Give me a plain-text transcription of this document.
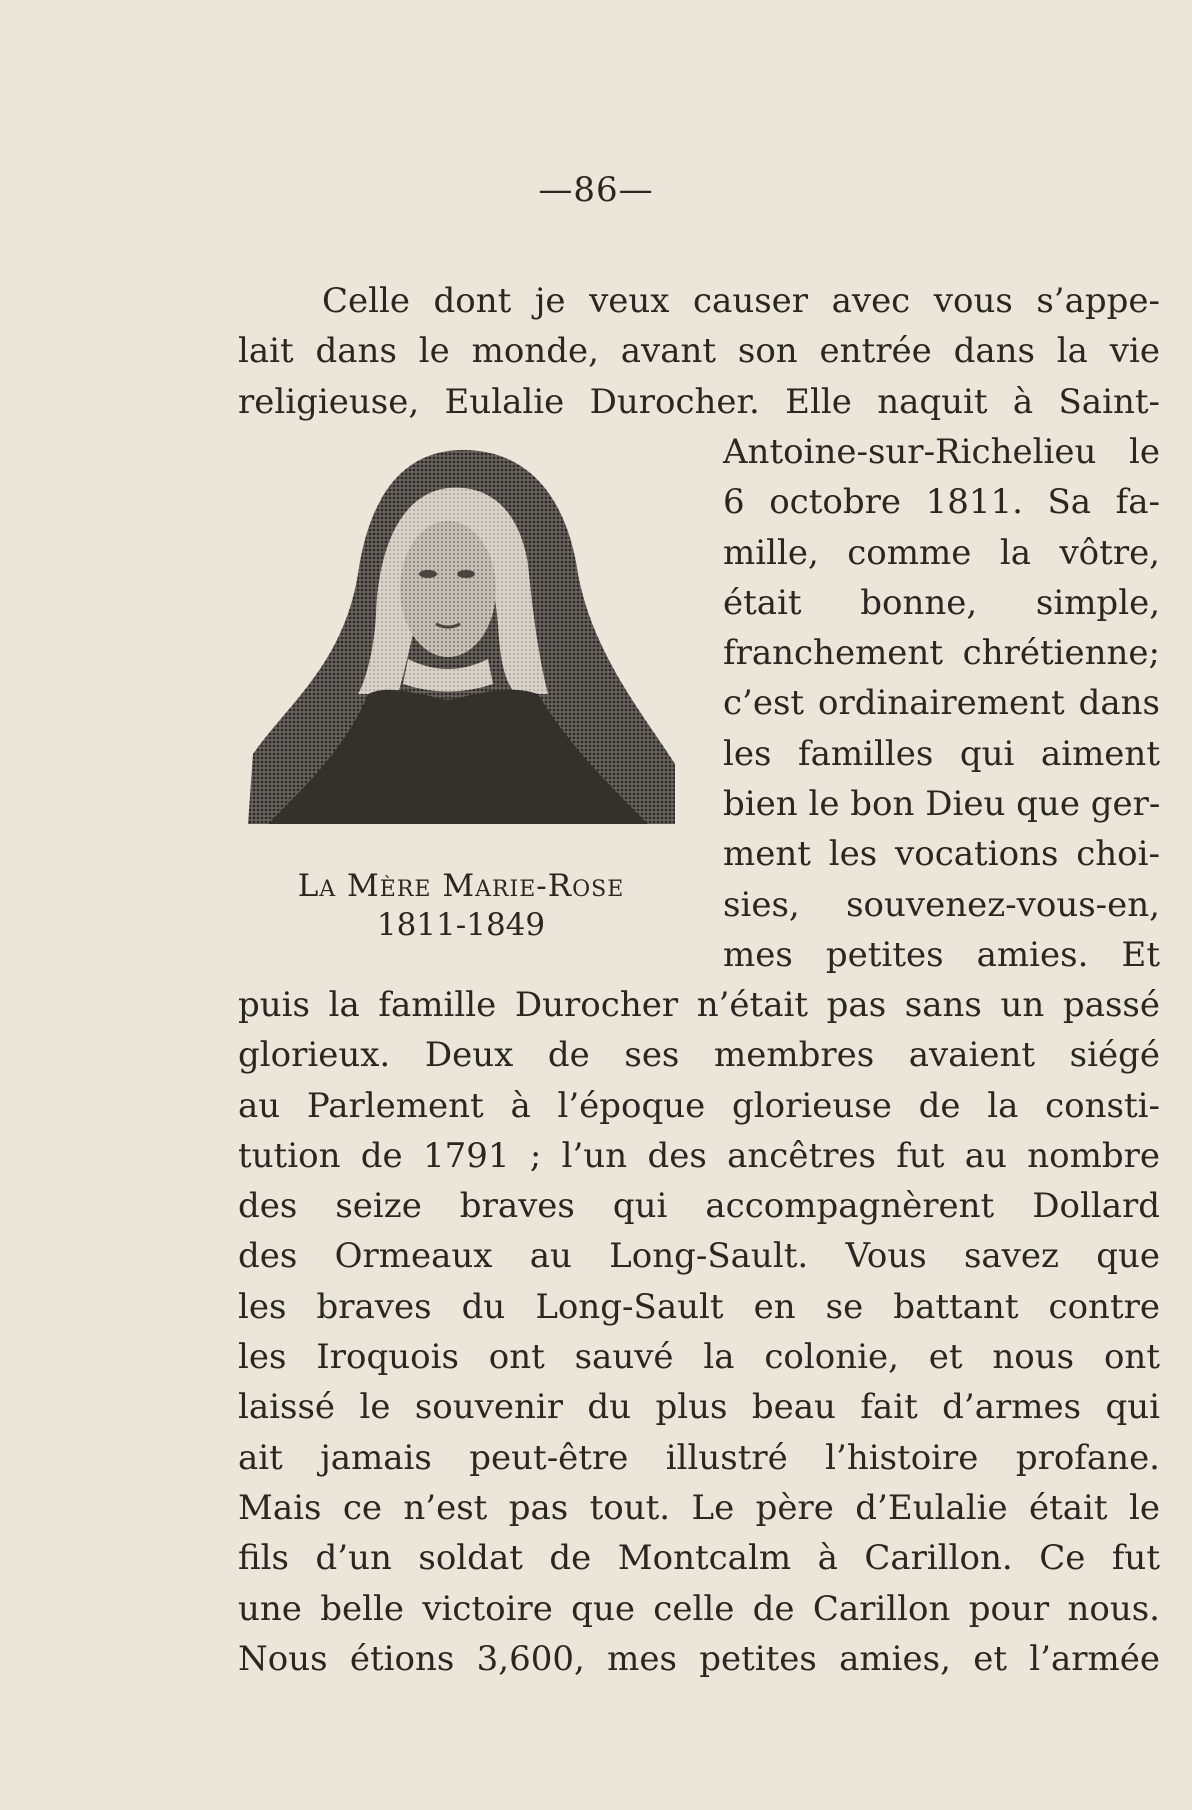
—86—
Celle dont je veux causer avec vous s’appe-
lait dans le monde, avant son entrée dans la vie
religieuse, Eulalie Durocher. Elle naquit à Saint-
La Mère Marie-Rose
1811-1849
Antoine-sur-Richelieu le
6 octobre 1811. Sa fa-
mille, comme la vôtre,
était bonne, simple,
franchement chrétienne;
c’est ordinairement dans
les familles qui aiment
bien le bon Dieu que ger-
ment les vocations choi-
sies, souvenez-vous-en,
mes petites amies. Et
puis la famille Durocher n’était pas sans un passé
glorieux. Deux de ses membres avaient siégé
au Parlement à l’époque glorieuse de la consti-
tution de 1791 ; l’un des ancêtres fut au nombre
des seize braves qui accompagnèrent Dollard
des Ormeaux au Long-Sault. Vous savez que
les braves du Long-Sault en se battant contre
les Iroquois ont sauvé la colonie, et nous ont
laissé le souvenir du plus beau fait d’armes qui
ait jamais peut-être illustré l’histoire profane.
Mais ce n’est pas tout. Le père d’Eulalie était le
fils d’un soldat de Montcalm à Carillon. Ce fut
une belle victoire que celle de Carillon pour nous.
Nous étions 3,600, mes petites amies, et l’armée
